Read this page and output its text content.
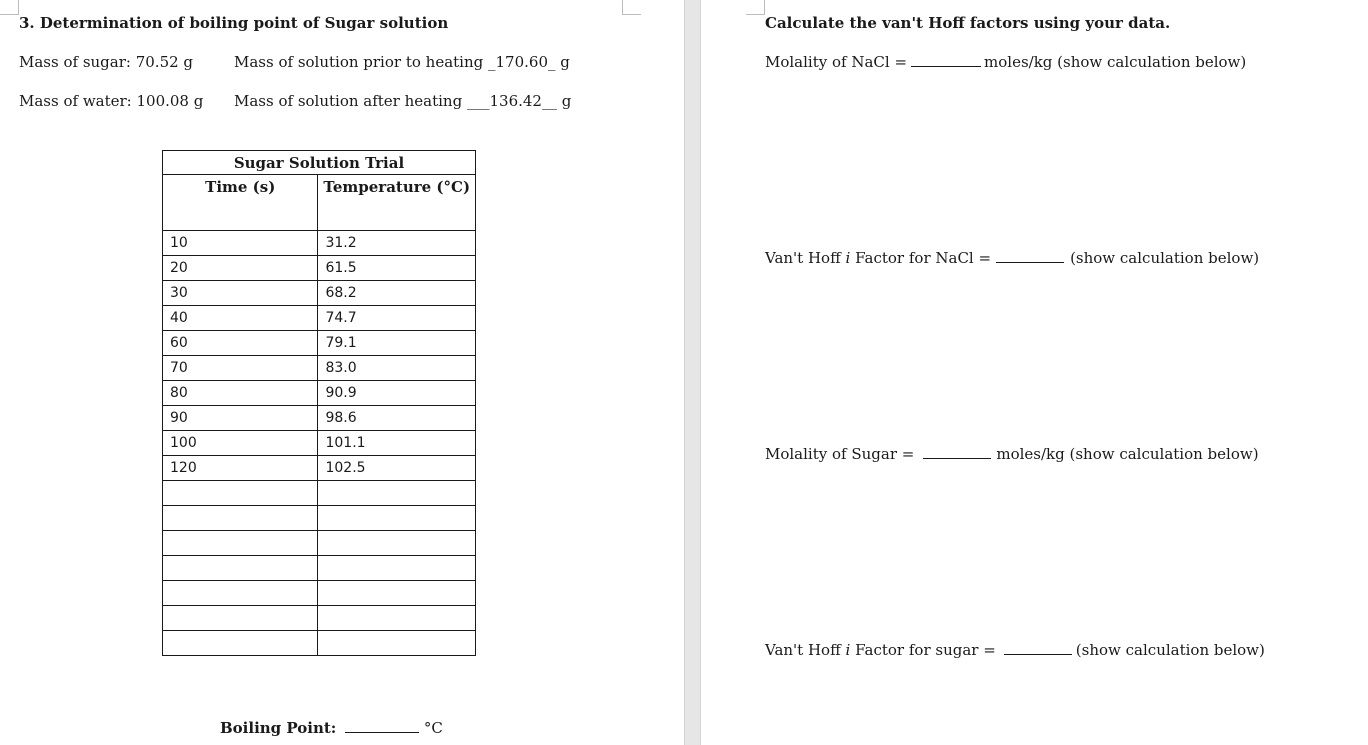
3. Determination of boiling point of Sugar solution
Mass of sugar: 70.52 g
Mass of water: 100.08 g
Mass of solution prior to heating _170.60_ g
Mass of solution after heating ___136.42__ g
Sugar Solution Trial	
Time (s)	Temperature (°C)
10	31.2
20	61.5
30	68.2
40	74.7
60	79.1
70	83.0
80	90.9
90	98.6
100	101.1
120	102.5

Boiling Point:	°C
Calculate the van't Hoff factors using your data.
Molality of NaCl =	moles/kg (show calculation below)
Van't Hoff i Factor for NaCl =	(show calculation below)
Molality of Sugar =	moles/kg (show calculation below)
Van't Hoff i Factor for sugar =	(show calculation below)
